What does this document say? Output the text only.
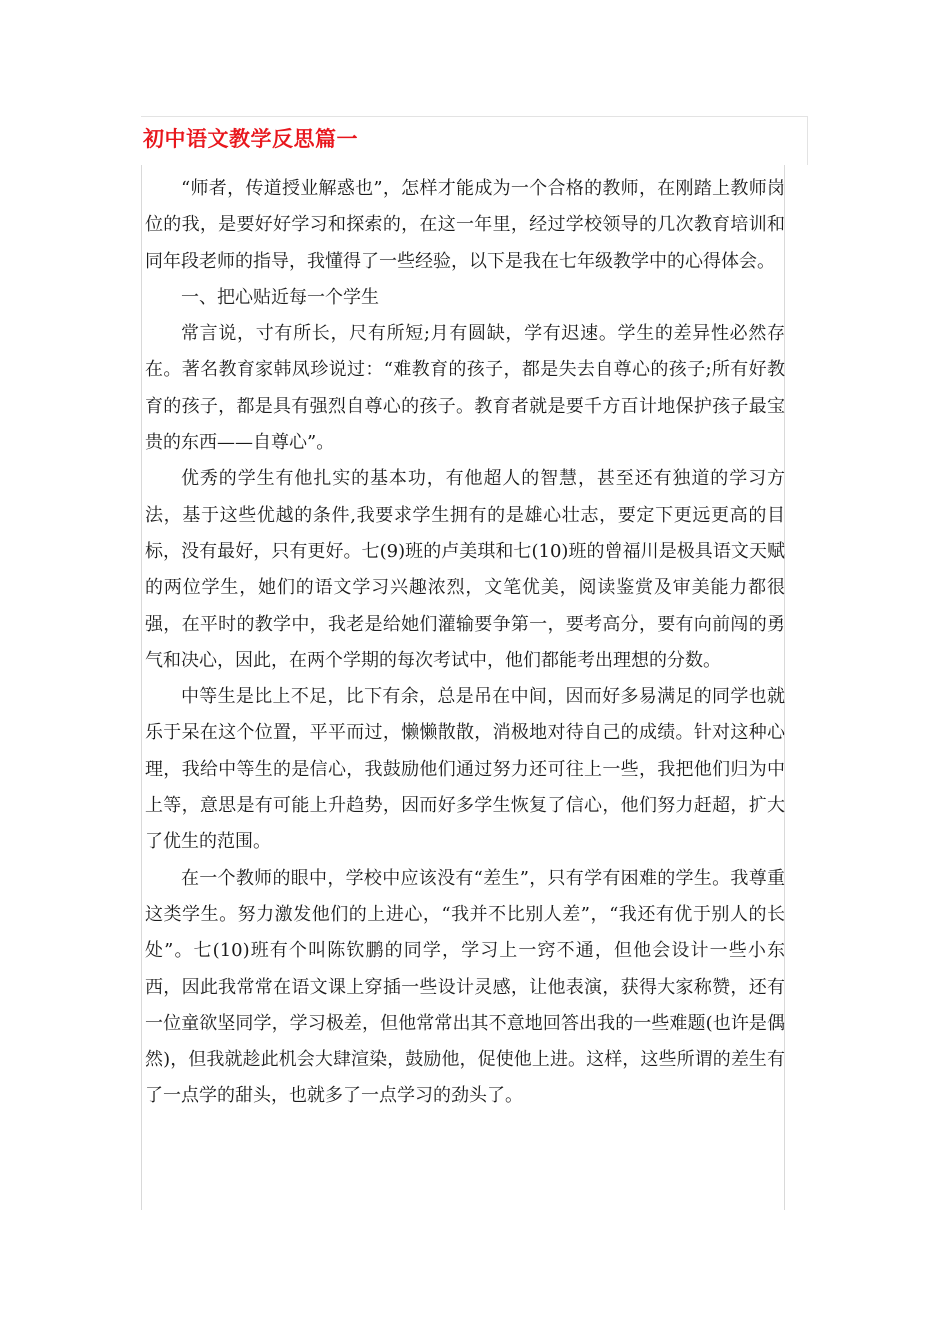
初中语文教学反思篇一

“师者，传道授业解惑也”，怎样才能成为一个合格的教师，在刚踏上教师岗位的我，是要好好学习和探索的，在这一年里，经过学校领导的几次教育培训和同年段老师的指导，我懂得了一些经验，以下是我在七年级教学中的心得体会。

一、把心贴近每一个学生

常言说，寸有所长，尺有所短;月有圆缺，学有迟速。学生的差异性必然存在。著名教育家韩凤珍说过：“难教育的孩子，都是失去自尊心的孩子;所有好教育的孩子，都是具有强烈自尊心的孩子。教育者就是要千方百计地保护孩子最宝贵的东西——自尊心”。

优秀的学生有他扎实的基本功，有他超人的智慧，甚至还有独道的学习方法，基于这些优越的条件,我要求学生拥有的是雄心壮志，要定下更远更高的目标，没有最好，只有更好。七(9)班的卢美琪和七(10)班的曾福川是极具语文天赋的两位学生，她们的语文学习兴趣浓烈，文笔优美，阅读鉴赏及审美能力都很强，在平时的教学中，我老是给她们灌输要争第一，要考高分，要有向前闯的勇气和决心，因此，在两个学期的每次考试中，他们都能考出理想的分数。

中等生是比上不足，比下有余，总是吊在中间，因而好多易满足的同学也就乐于呆在这个位置，平平而过，懒懒散散，消极地对待自己的成绩。针对这种心理，我给中等生的是信心，我鼓励他们通过努力还可往上一些，我把他们归为中上等，意思是有可能上升趋势，因而好多学生恢复了信心，他们努力赶超，扩大了优生的范围。

在一个教师的眼中，学校中应该没有“差生”，只有学有困难的学生。我尊重这类学生。努力激发他们的上进心，“我并不比别人差”，“我还有优于别人的长处”。七(10)班有个叫陈钦鹏的同学，学习上一窍不通，但他会设计一些小东西，因此我常常在语文课上穿插一些设计灵感，让他表演，获得大家称赞，还有一位童欲坚同学，学习极差，但他常常出其不意地回答出我的一些难题(也许是偶然)，但我就趁此机会大肆渲染，鼓励他，促使他上进。这样，这些所谓的差生有了一点学的甜头，也就多了一点学习的劲头了。
